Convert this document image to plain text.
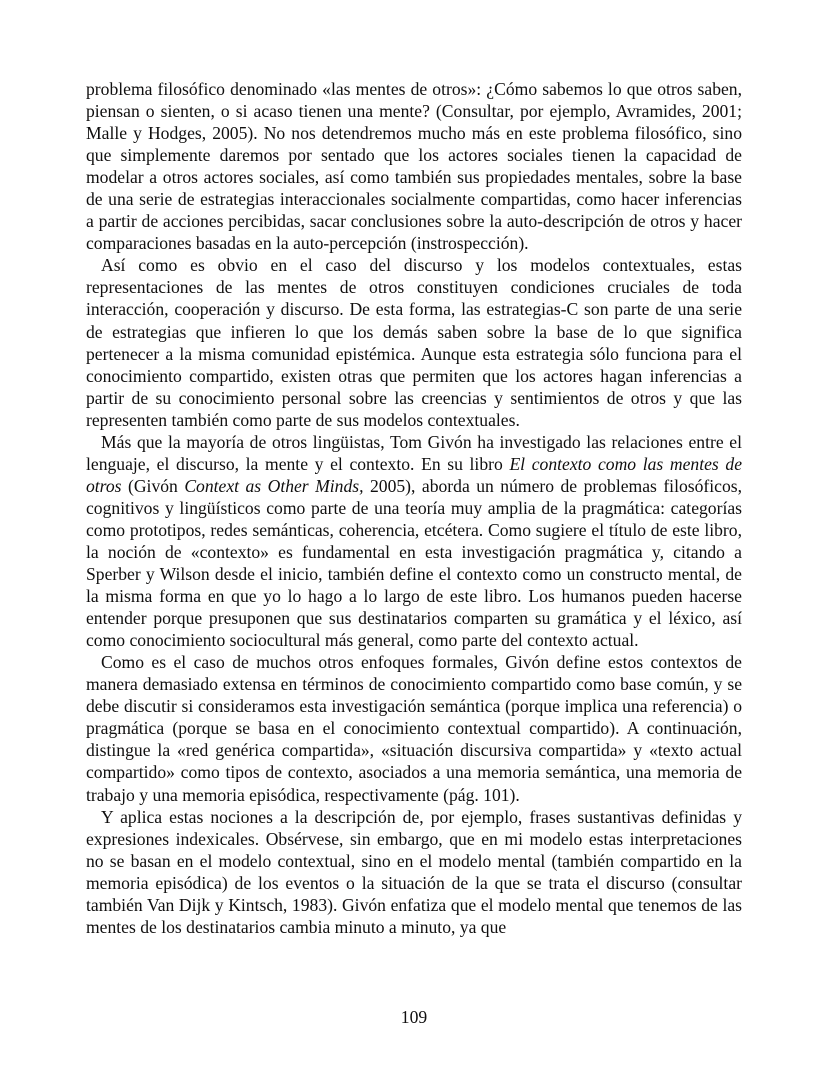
problema filosófico denominado «las mentes de otros»: ¿Cómo sabemos lo que otros saben, piensan o sienten, o si acaso tienen una mente? (Consultar, por ejemplo, Avramides, 2001; Malle y Hodges, 2005). No nos detendremos mucho más en este problema filosófico, sino que simplemente daremos por sentado que los actores sociales tienen la capacidad de modelar a otros actores sociales, así como también sus propiedades mentales, sobre la base de una serie de estrategias interaccionales socialmente compartidas, como hacer inferencias a partir de acciones percibidas, sacar conclusiones sobre la auto-descripción de otros y hacer comparaciones basadas en la auto-percepción (instrospección).

Así como es obvio en el caso del discurso y los modelos contextuales, estas representaciones de las mentes de otros constituyen condiciones cruciales de toda interacción, cooperación y discurso. De esta forma, las estrategias-C son parte de una serie de estrategias que infieren lo que los demás saben sobre la base de lo que significa pertenecer a la misma comunidad epistémica. Aunque esta estrategia sólo funciona para el conocimiento compartido, existen otras que permiten que los actores hagan inferencias a partir de su conocimiento personal sobre las creencias y sentimientos de otros y que las representen también como parte de sus modelos contextuales.

Más que la mayoría de otros lingüistas, Tom Givón ha investigado las relaciones entre el lenguaje, el discurso, la mente y el contexto. En su libro El contexto como las mentes de otros (Givón Context as Other Minds, 2005), aborda un número de problemas filosóficos, cognitivos y lingüísticos como parte de una teoría muy amplia de la pragmática: categorías como prototipos, redes semánticas, coherencia, etcétera. Como sugiere el título de este libro, la noción de «contexto» es fundamental en esta investigación pragmática y, citando a Sperber y Wilson desde el inicio, también define el contexto como un constructo mental, de la misma forma en que yo lo hago a lo largo de este libro. Los humanos pueden hacerse entender porque presuponen que sus destinatarios comparten su gramática y el léxico, así como conocimiento sociocultural más general, como parte del contexto actual.

Como es el caso de muchos otros enfoques formales, Givón define estos contextos de manera demasiado extensa en términos de conocimiento compartido como base común, y se debe discutir si consideramos esta investigación semántica (porque implica una referencia) o pragmática (porque se basa en el conocimiento contextual compartido). A continuación, distingue la «red genérica compartida», «situación discursiva compartida» y «texto actual compartido» como tipos de contexto, asociados a una memoria semántica, una memoria de trabajo y una memoria episódica, respectivamente (pág. 101).

Y aplica estas nociones a la descripción de, por ejemplo, frases sustantivas definidas y expresiones indexicales. Obsérvese, sin embargo, que en mi modelo estas interpretaciones no se basan en el modelo contextual, sino en el modelo mental (también compartido en la memoria episódica) de los eventos o la situación de la que se trata el discurso (consultar también Van Dijk y Kintsch, 1983). Givón enfatiza que el modelo mental que tenemos de las mentes de los destinatarios cambia minuto a minuto, ya que

109
